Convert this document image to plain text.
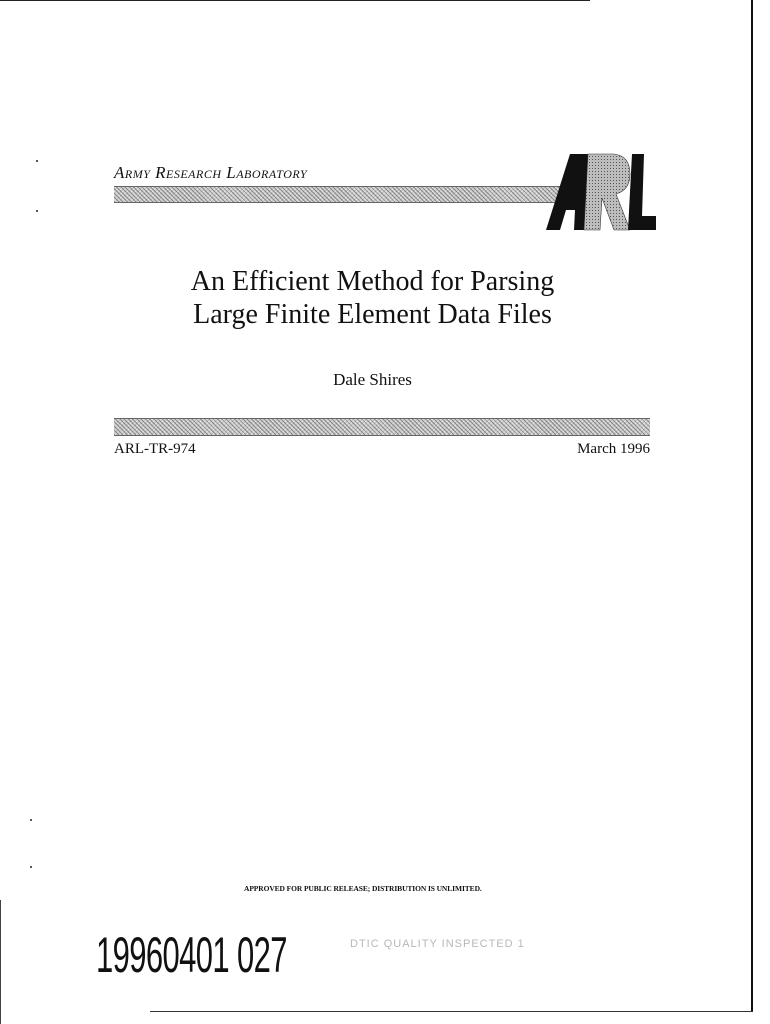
Army Research Laboratory
An Efficient Method for Parsing
Large Finite Element Data Files
Dale Shires
ARL-TR-974	March 1996
APPROVED FOR PUBLIC RELEASE; DISTRIBUTION IS UNLIMITED.
19960401 027	DTIC QUALITY INSPECTED 1
